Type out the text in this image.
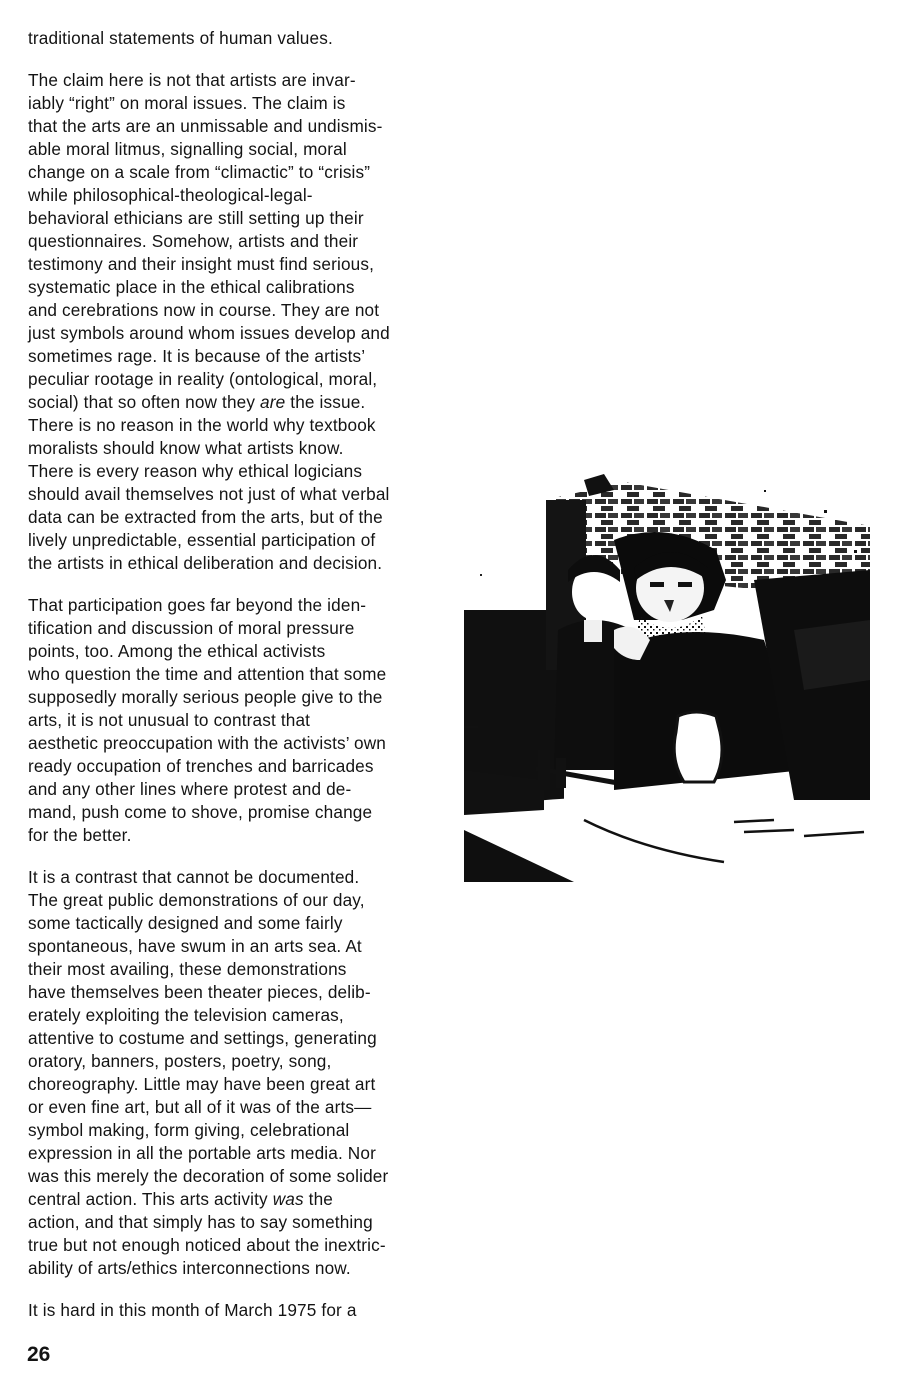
traditional statements of human values.
The claim here is not that artists are invar-
iably “right” on moral issues. The claim is
that the arts are an unmissable and undismis-
able moral litmus, signalling social, moral
change on a scale from “climactic” to “crisis”
while philosophical-theological-legal-
behavioral ethicians are still setting up their
questionnaires. Somehow, artists and their
testimony and their insight must find serious,
systematic place in the ethical calibrations
and cerebrations now in course. They are not
just symbols around whom issues develop and
sometimes rage. It is because of the artists’
peculiar rootage in reality (ontological, moral,
social) that so often now they are the issue.
There is no reason in the world why textbook
moralists should know what artists know.
There is every reason why ethical logicians
should avail themselves not just of what verbal
data can be extracted from the arts, but of the
lively unpredictable, essential participation of
the artists in ethical deliberation and decision.
That participation goes far beyond the iden-
tification and discussion of moral pressure
points, too. Among the ethical activists
who question the time and attention that some
supposedly morally serious people give to the
arts, it is not unusual to contrast that
aesthetic preoccupation with the activists’ own
ready occupation of trenches and barricades
and any other lines where protest and de-
mand, push come to shove, promise change
for the better.
It is a contrast that cannot be documented.
The great public demonstrations of our day,
some tactically designed and some fairly
spontaneous, have swum in an arts sea. At
their most availing, these demonstrations
have themselves been theater pieces, delib-
erately exploiting the television cameras,
attentive to costume and settings, generating
oratory, banners, posters, poetry, song,
choreography. Little may have been great art
or even fine art, but all of it was of the arts—
symbol making, form giving, celebrational
expression in all the portable arts media. Nor
was this merely the decoration of some solider
central action. This arts activity was the
action, and that simply has to say something
true but not enough noticed about the inextric-
ability of arts/ethics interconnections now.
It is hard in this month of March 1975 for a
26
